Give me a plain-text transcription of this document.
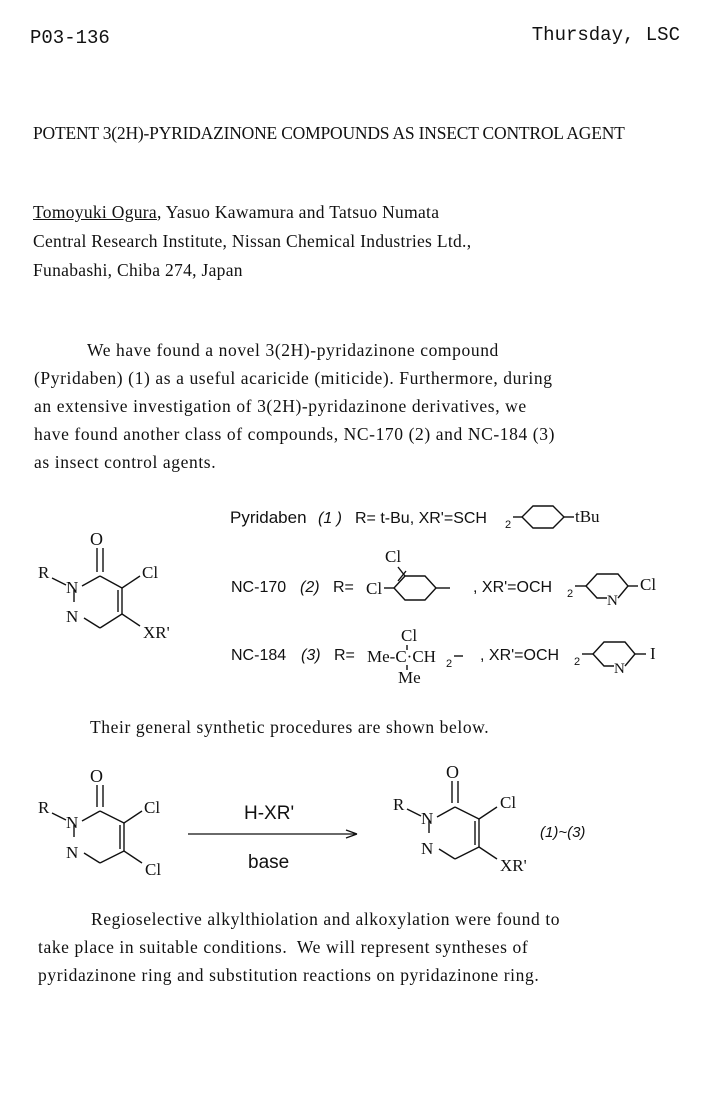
P03-136	Thursday, LSC
POTENT 3(2H)-PYRIDAZINONE COMPOUNDS AS INSECT CONTROL AGENT
Tomoyuki Ogura, Yasuo Kawamura and Tatsuo Numata
Central Research Institute, Nissan Chemical Industries Ltd.,
Funabashi, Chiba 274, Japan
We have found a novel 3(2H)-pyridazinone compound
(Pyridaben) (1) as a useful acaricide (miticide). Furthermore, during
an extensive investigation of 3(2H)-pyridazinone derivatives, we
have found another class of compounds, NC-170 (2) and NC-184 (3)
as insect control agents.
O
N
N
R	Cl
XR'
Pyridaben (1 ) R= t-Bu, XR'=SCH 2	tBu
Cl
NC-170 (2) R= Cl	, XR'=OCH 2 N
Cl
Cl
NC-184 (3) R= Me-C·CH 2
Me
, XR'=OCH 2 N
I
Their general synthetic procedures are shown below.
O
N
N
R	Cl
Cl
H-XR'
base
O
N
N
R	Cl
XR'
(1)~(3)
Regioselective alkylthiolation and alkoxylation were found to
take place in suitable conditions.  We will represent syntheses of
pyridazinone ring and substitution reactions on pyridazinone ring.
